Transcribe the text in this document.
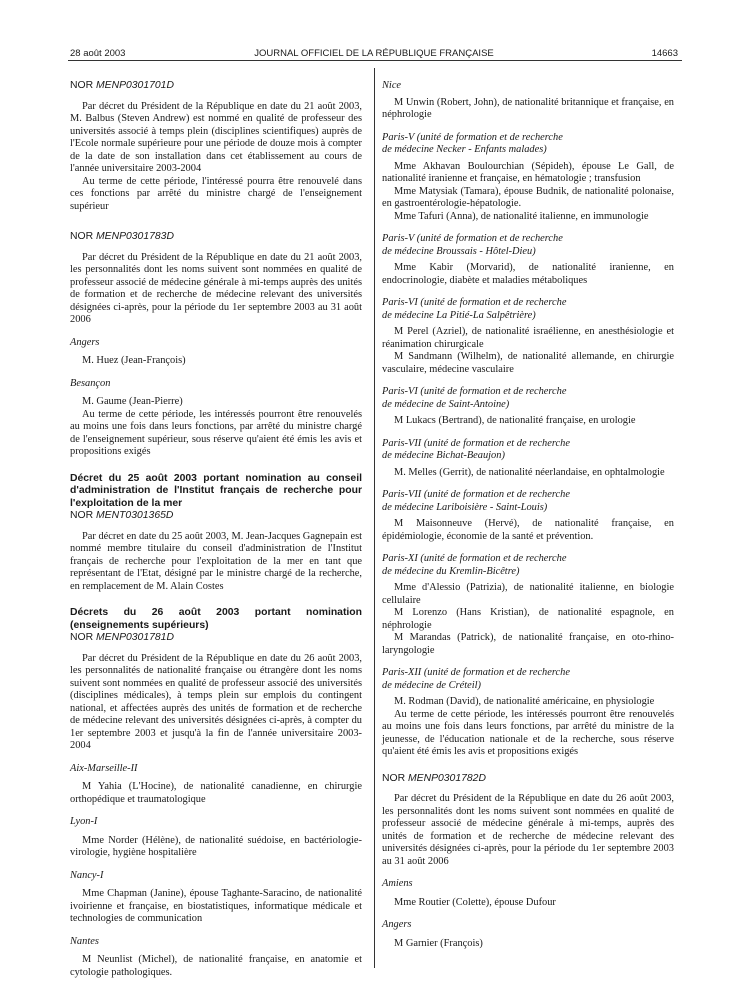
28 août 2003	JOURNAL OFFICIEL DE LA RÉPUBLIQUE FRANÇAISE	14663

NOR MENP0301701D

Par décret du Président de la République en date du 21 août 2003, M. Balbus (Steven Andrew) est nommé en qualité de professeur des universités associé à temps plein (disciplines scientifiques) auprès de l'Ecole normale supérieure pour une période de douze mois à compter de la date de son installation dans cet établissement au cours de l'année universitaire 2003-2004

Au terme de cette période, l'intéressé pourra être renouvelé dans ces fonctions par arrêté du ministre chargé de l'enseignement supérieur

NOR MENP0301783D

Par décret du Président de la République en date du 21 août 2003, les personnalités dont les noms suivent sont nommées en qualité de professeur associé de médecine générale à mi-temps auprès des unités de formation et de recherche de médecine relevant des universités désignées ci-après, pour la période du 1er septembre 2003 au 31 août 2006

Angers

M. Huez (Jean-François)

Besançon

M. Gaume (Jean-Pierre)

Au terme de cette période, les intéressés pourront être renouvelés au moins une fois dans leurs fonctions, par arrêté du ministre chargé de l'enseignement supérieur, sous réserve qu'aient été émis les avis et propositions exigés

Décret du 25 août 2003 portant nomination au conseil d'administration de l'Institut français de recherche pour l'exploitation de la mer

NOR MENT0301365D

Par décret en date du 25 août 2003, M. Jean-Jacques Gagnepain est nommé membre titulaire du conseil d'administration de l'Institut français de recherche pour l'exploitation de la mer en tant que représentant de l'Etat, désigné par le ministre chargé de la recherche, en remplacement de M. Alain Costes

Décrets du 26 août 2003 portant nomination (enseignements supérieurs)

NOR MENP0301781D

Par décret du Président de la République en date du 26 août 2003, les personnalités de nationalité française ou étrangère dont les noms suivent sont nommées en qualité de professeur associé des universités (disciplines médicales), à temps plein sur emplois du contingent national, et affectées auprès des unités de formation et de recherche de médecine relevant des universités désignées ci-après, à compter du 1er septembre 2003 et jusqu'à la fin de l'année universitaire 2003-2004

Aix-Marseille-II

M Yahia (L'Hocine), de nationalité canadienne, en chirurgie orthopédique et traumatologique

Lyon-I

Mme Norder (Hélène), de nationalité suédoise, en bactériologie-virologie, hygiène hospitalière

Nancy-I

Mme Chapman (Janine), épouse Taghante-Saracino, de nationalité ivoirienne et française, en biostatistiques, informatique médicale et technologies de communication

Nantes

M Neunlist (Michel), de nationalité française, en anatomie et cytologie pathologiques.

Nice

M Unwin (Robert, John), de nationalité britannique et française, en néphrologie

Paris-V (unité de formation et de recherche
de médecine Necker - Enfants malades)

Mme Akhavan Boulourchian (Sépideh), épouse Le Gall, de nationalité iranienne et française, en hématologie ; transfusion

Mme Matysiak (Tamara), épouse Budnik, de nationalité polonaise, en gastroentérologie-hépatologie.

Mme Tafuri (Anna), de nationalité italienne, en immunologie

Paris-V (unité de formation et de recherche
de médecine Broussais - Hôtel-Dieu)

Mme Kabir (Morvarid), de nationalité iranienne, en endocrinologie, diabète et maladies métaboliques

Paris-VI (unité de formation et de recherche
de médecine La Pitié-La Salpêtrière)

M Perel (Azriel), de nationalité israélienne, en anesthésiologie et réanimation chirurgicale

M Sandmann (Wilhelm), de nationalité allemande, en chirurgie vasculaire, médecine vasculaire

Paris-VI (unité de formation et de recherche
de médecine de Saint-Antoine)

M Lukacs (Bertrand), de nationalité française, en urologie

Paris-VII (unité de formation et de recherche
de médecine Bichat-Beaujon)

M. Melles (Gerrit), de nationalité néerlandaise, en ophtalmologie

Paris-VII (unité de formation et de recherche
de médecine Lariboisière - Saint-Louis)

M Maisonneuve (Hervé), de nationalité française, en épidémiologie, économie de la santé et prévention.

Paris-XI (unité de formation et de recherche
de médecine du Kremlin-Bicêtre)

Mme d'Alessio (Patrizia), de nationalité italienne, en biologie cellulaire

M Lorenzo (Hans Kristian), de nationalité espagnole, en néphrologie

M Marandas (Patrick), de nationalité française, en oto-rhino-laryngologie

Paris-XII (unité de formation et de recherche
de médecine de Créteil)

M. Rodman (David), de nationalité américaine, en physiologie

Au terme de cette période, les intéressés pourront être renouvelés au moins une fois dans leurs fonctions, par arrêté du ministre de la jeunesse, de l'éducation nationale et de la recherche, sous réserve qu'aient été émis les avis et propositions exigés

NOR MENP0301782D

Par décret du Président de la République en date du 26 août 2003, les personnalités dont les noms suivent sont nommées en qualité de professeur associé de médecine générale à mi-temps, auprès des unités de formation et de recherche de médecine relevant des universités désignées ci-après, pour la période du 1er septembre 2003 au 31 août 2006

Amiens

Mme Routier (Colette), épouse Dufour

Angers

M Garnier (François)
